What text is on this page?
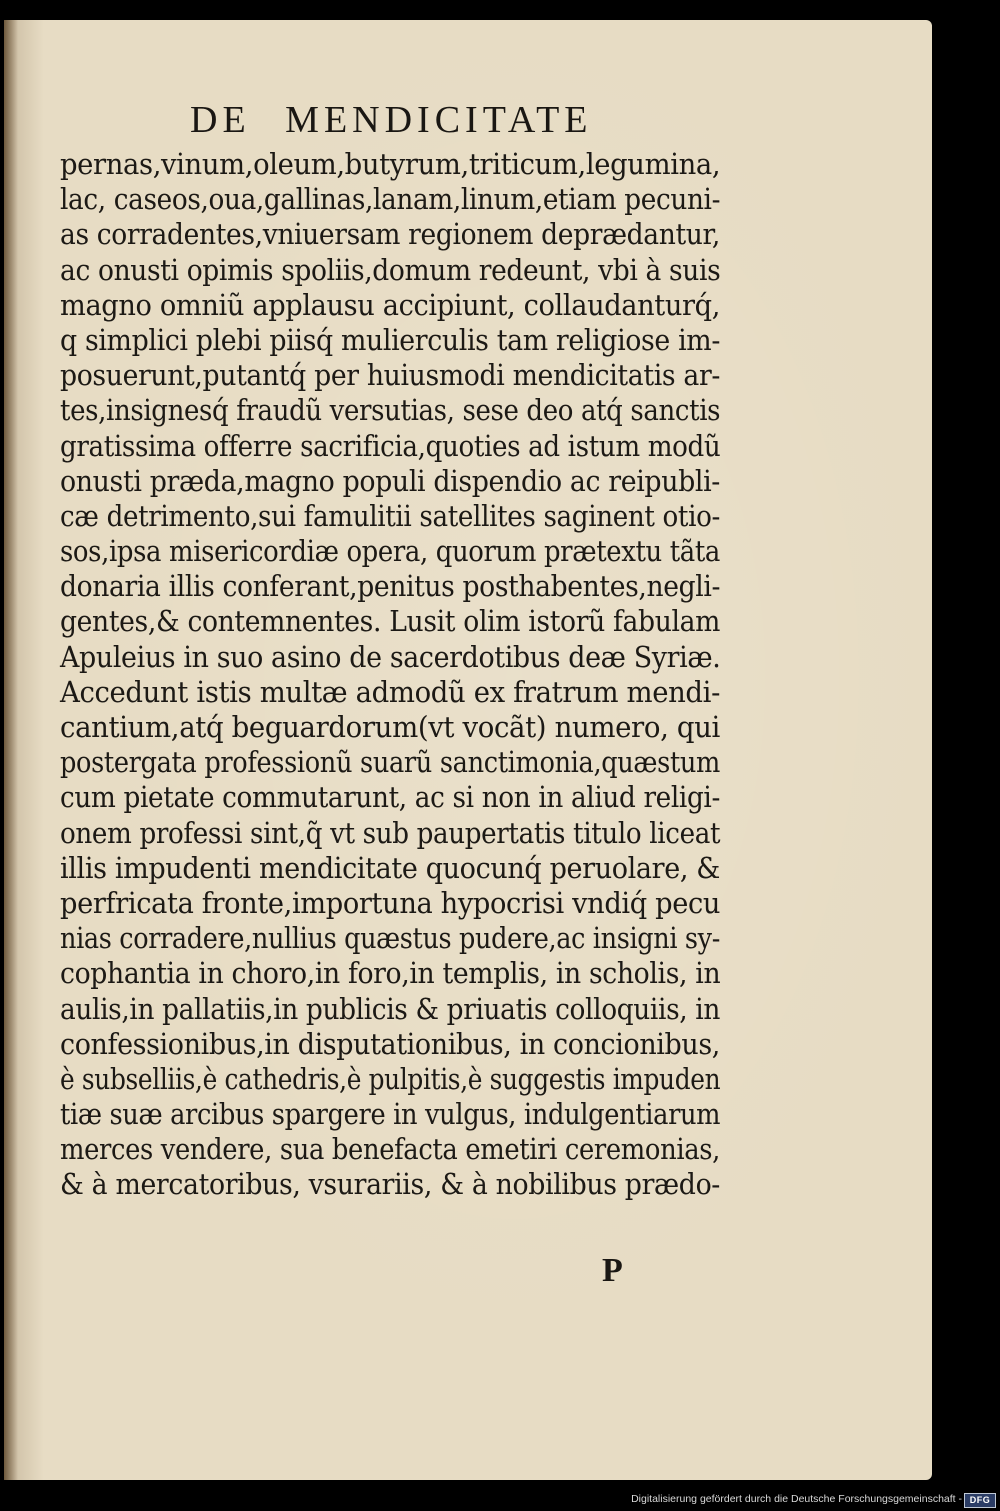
DE MENDICITATE
pernas,vinum,oleum,butyrum,triticum,legumina,
lac, caseos,oua,gallinas,lanam,linum,etiam pecuni-
as corradentes,vniuersam regionem deprædantur,
ac onusti opimis spoliis,domum redeunt, vbi à suis
magno omniũ applausu accipiunt, collaudanturq́,
q simplici plebi piisq́ mulierculis tam religiose im-
posuerunt,putantq́ per huiusmodi mendicitatis ar-
tes,insignesq́ fraudũ versutias, sese deo atq́ sanctis
gratissima offerre sacrificia,quoties ad istum modũ
onusti præda,magno populi dispendio ac reipubli-
cæ detrimento,sui famulitii satellites saginent otio-
sos,ipsa misericordiæ opera, quorum prætextu tãta
donaria illis conferant,penitus posthabentes,negli-
gentes,& contemnentes. Lusit olim istorũ fabulam
Apuleius in suo asino de sacerdotibus deæ Syriæ.
Accedunt istis multæ admodũ ex fratrum mendi-
cantium,atq́ beguardorum(vt vocãt) numero, qui
postergata professionũ suarũ sanctimonia,quæstum
cum pietate commutarunt, ac si non in aliud religi-
onem professi sint,q̃ vt sub paupertatis titulo liceat
illis impudenti mendicitate quocunq́ peruolare, &
perfricata fronte,importuna hypocrisi vndiq́ pecu
nias corradere,nullius quæstus pudere,ac insigni sy-
cophantia in choro,in foro,in templis, in scholis, in
aulis,in pallatiis,in publicis & priuatis colloquiis, in
confessionibus,in disputationibus, in concionibus,
è subselliis,è cathedris,è pulpitis,è suggestis impuden
tiæ suæ arcibus spargere in vulgus, indulgentiarum
merces vendere, sua benefacta emetiri ceremonias,
& à mercatoribus, vsurariis, & à nobilibus prædo-
P
Digitalisierung gefördert durch die Deutsche Forschungsgemeinschaft - DFG
